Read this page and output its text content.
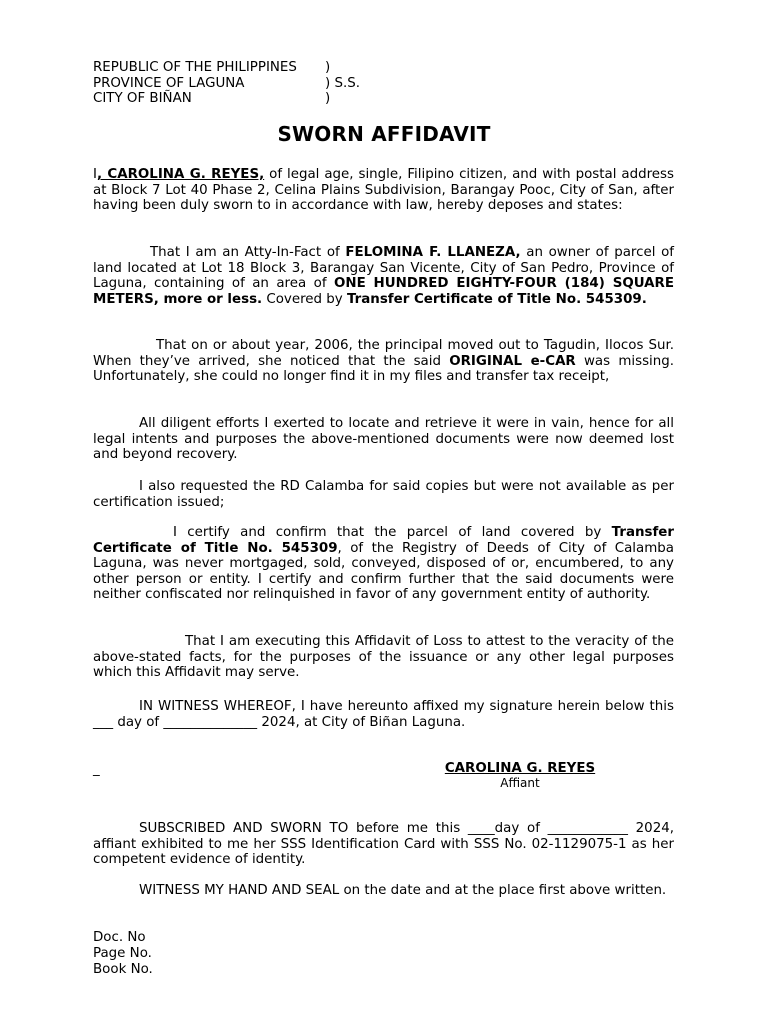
REPUBLIC OF THE PHILIPPINES )
PROVINCE OF LAGUNA	) S.S.
CITY OF BIÑAN	)
SWORN AFFIDAVIT

I, CAROLINA G. REYES, of legal age, single, Filipino citizen, and with postal address at Block 7 Lot 40 Phase 2, Celina Plains Subdivision, Barangay Pooc, City of San, after having been duly sworn to in accordance with law, hereby deposes and states:

That I am an Atty-In-Fact of FELOMINA F. LLANEZA, an owner of parcel of land located at Lot 18 Block 3, Barangay San Vicente, City of San Pedro, Province of Laguna, containing of an area of ONE HUNDRED EIGHTY-FOUR (184) SQUARE METERS, more or less. Covered by Transfer Certificate of Title No. 545309.

That on or about year, 2006, the principal moved out to Tagudin, Ilocos Sur. When they’ve arrived, she noticed that the said ORIGINAL e-CAR was missing. Unfortunately, she could no longer find it in my files and transfer tax receipt,

All diligent efforts I exerted to locate and retrieve it were in vain, hence for all legal intents and purposes the above-mentioned documents were now deemed lost and beyond recovery.

I also requested the RD Calamba for said copies but were not available as per certification issued;

I certify and confirm that the parcel of land covered by Transfer Certificate of Title No. 545309, of the Registry of Deeds of City of Calamba Laguna, was never mortgaged, sold, conveyed, disposed of or, encumbered, to any other person or entity. I certify and confirm further that the said documents were neither confiscated nor relinquished in favor of any government entity of authority.

That I am executing this Affidavit of Loss to attest to the veracity of the above-stated facts, for the purposes of the issuance or any other legal purposes which this Affidavit may serve.

IN WITNESS WHEREOF, I have hereunto affixed my signature herein below this ___ day of ______________ 2024, at City of Biñan Laguna.

_	CAROLINA G. REYES
Affiant

SUBSCRIBED AND SWORN TO before me this ____day of ____________ 2024, affiant exhibited to me her SSS Identification Card with SSS No. 02-1129075-1 as her competent evidence of identity.

WITNESS MY HAND AND SEAL on the date and at the place first above written.

Doc. No
Page No.
Book No.
